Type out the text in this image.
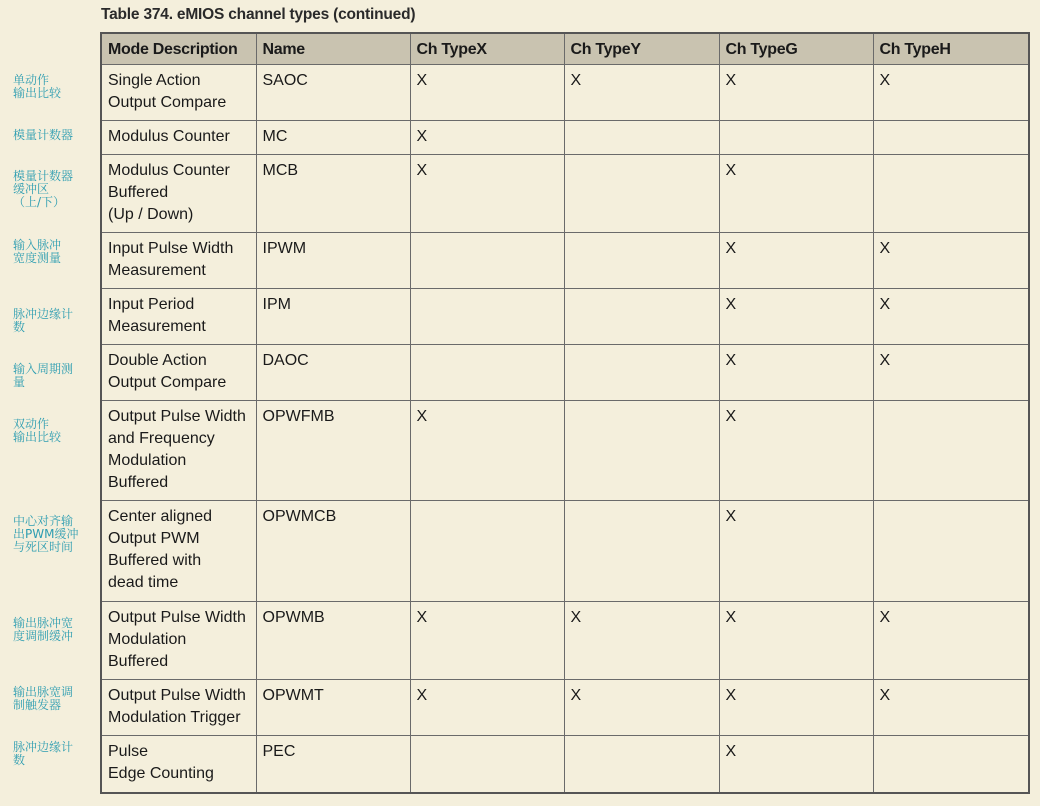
Table 374. eMIOS channel types (continued)
单动作
输出比较
模量计数器
模量计数器
缓冲区
（上/下）
输入脉冲
宽度测量
脉冲边缘计
数
输入周期测
量
双动作
输出比较
中心对齐输
出PWM缓冲
与死区时间
输出脉冲宽
度调制缓冲
输出脉宽调
制触发器
脉冲边缘计
数
Mode Description	Name	Ch TypeX	Ch TypeY	Ch TypeG	Ch TypeH
Single Action
Output Compare	SAOC	X	X	X	X
Modulus Counter	MC	X			
Modulus Counter
Buffered
(Up / Down)	MCB	X		X	
Input Pulse Width
Measurement	IPWM			X	X
Input Period
Measurement	IPM			X	X
Double Action
Output Compare	DAOC			X	X
Output Pulse Width
and Frequency
Modulation
Buffered	OPWFMB	X		X	
Center aligned
Output PWM
Buffered with
dead time	OPWMCB			X	
Output Pulse Width
Modulation
Buffered	OPWMB	X	X	X	X
Output Pulse Width
Modulation Trigger	OPWMT	X	X	X	X
Pulse
Edge Counting	PEC			X	
